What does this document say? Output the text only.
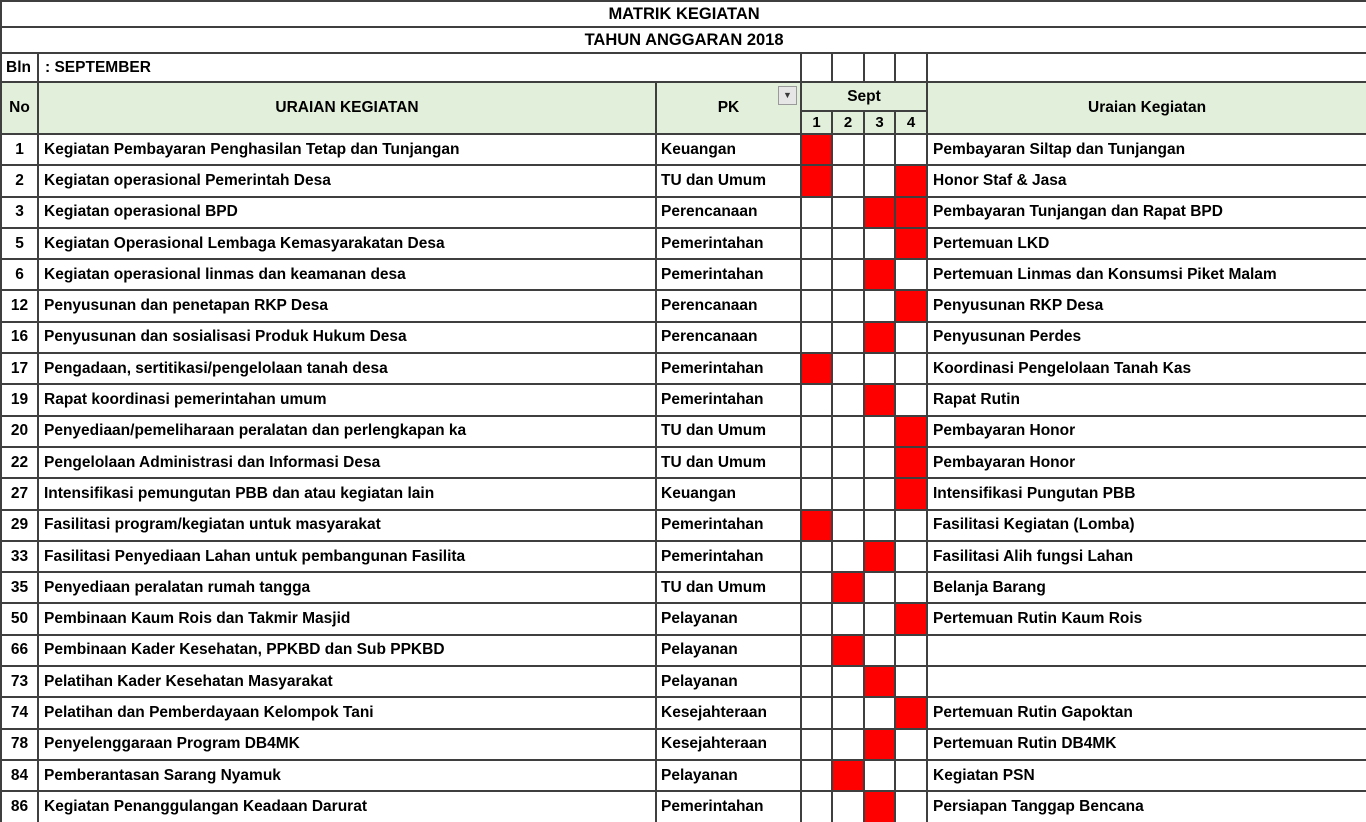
MATRIK KEGIATAN							
TAHUN ANGGARAN 2018							
Bln	: SEPTEMBER						
No	URAIAN KEGIATAN	PK
▼	Sept				Uraian Kegiatan
			1	2	3	4	
1	Kegiatan Pembayaran Penghasilan Tetap dan Tunjangan	Keuangan					Pembayaran Siltap dan Tunjangan
2	Kegiatan operasional Pemerintah Desa	TU dan Umum					Honor Staf & Jasa
3	Kegiatan operasional BPD	Perencanaan					Pembayaran Tunjangan dan Rapat BPD
5	Kegiatan Operasional Lembaga Kemasyarakatan Desa	Pemerintahan					Pertemuan LKD
6	Kegiatan operasional linmas dan keamanan desa	Pemerintahan					Pertemuan Linmas dan Konsumsi Piket Malam
12	Penyusunan dan penetapan RKP Desa	Perencanaan					Penyusunan RKP Desa
16	Penyusunan dan sosialisasi Produk Hukum Desa	Perencanaan					Penyusunan Perdes
17	Pengadaan, sertitikasi/pengelolaan tanah desa	Pemerintahan					Koordinasi Pengelolaan Tanah Kas
19	Rapat koordinasi pemerintahan umum	Pemerintahan					Rapat Rutin
20	Penyediaan/pemeliharaan peralatan dan perlengkapan ka	TU dan Umum					Pembayaran Honor
22	Pengelolaan Administrasi dan Informasi Desa	TU dan Umum					Pembayaran Honor
27	Intensifikasi pemungutan PBB dan atau kegiatan lain	Keuangan					Intensifikasi Pungutan PBB
29	Fasilitasi program/kegiatan untuk masyarakat	Pemerintahan					Fasilitasi Kegiatan (Lomba)
33	Fasilitasi Penyediaan Lahan untuk pembangunan Fasilita	Pemerintahan					Fasilitasi Alih fungsi Lahan
35	Penyediaan peralatan rumah tangga	TU dan Umum					Belanja Barang
50	Pembinaan Kaum Rois dan Takmir Masjid	Pelayanan					Pertemuan Rutin Kaum Rois
66	Pembinaan Kader Kesehatan, PPKBD dan Sub PPKBD	Pelayanan					
73	Pelatihan Kader Kesehatan Masyarakat	Pelayanan					
74	Pelatihan dan Pemberdayaan Kelompok Tani	Kesejahteraan					Pertemuan Rutin Gapoktan
78	Penyelenggaraan Program DB4MK	Kesejahteraan					Pertemuan Rutin DB4MK
84	Pemberantasan Sarang Nyamuk	Pelayanan					Kegiatan PSN
86	Kegiatan Penanggulangan Keadaan Darurat	Pemerintahan					Persiapan Tanggap Bencana
